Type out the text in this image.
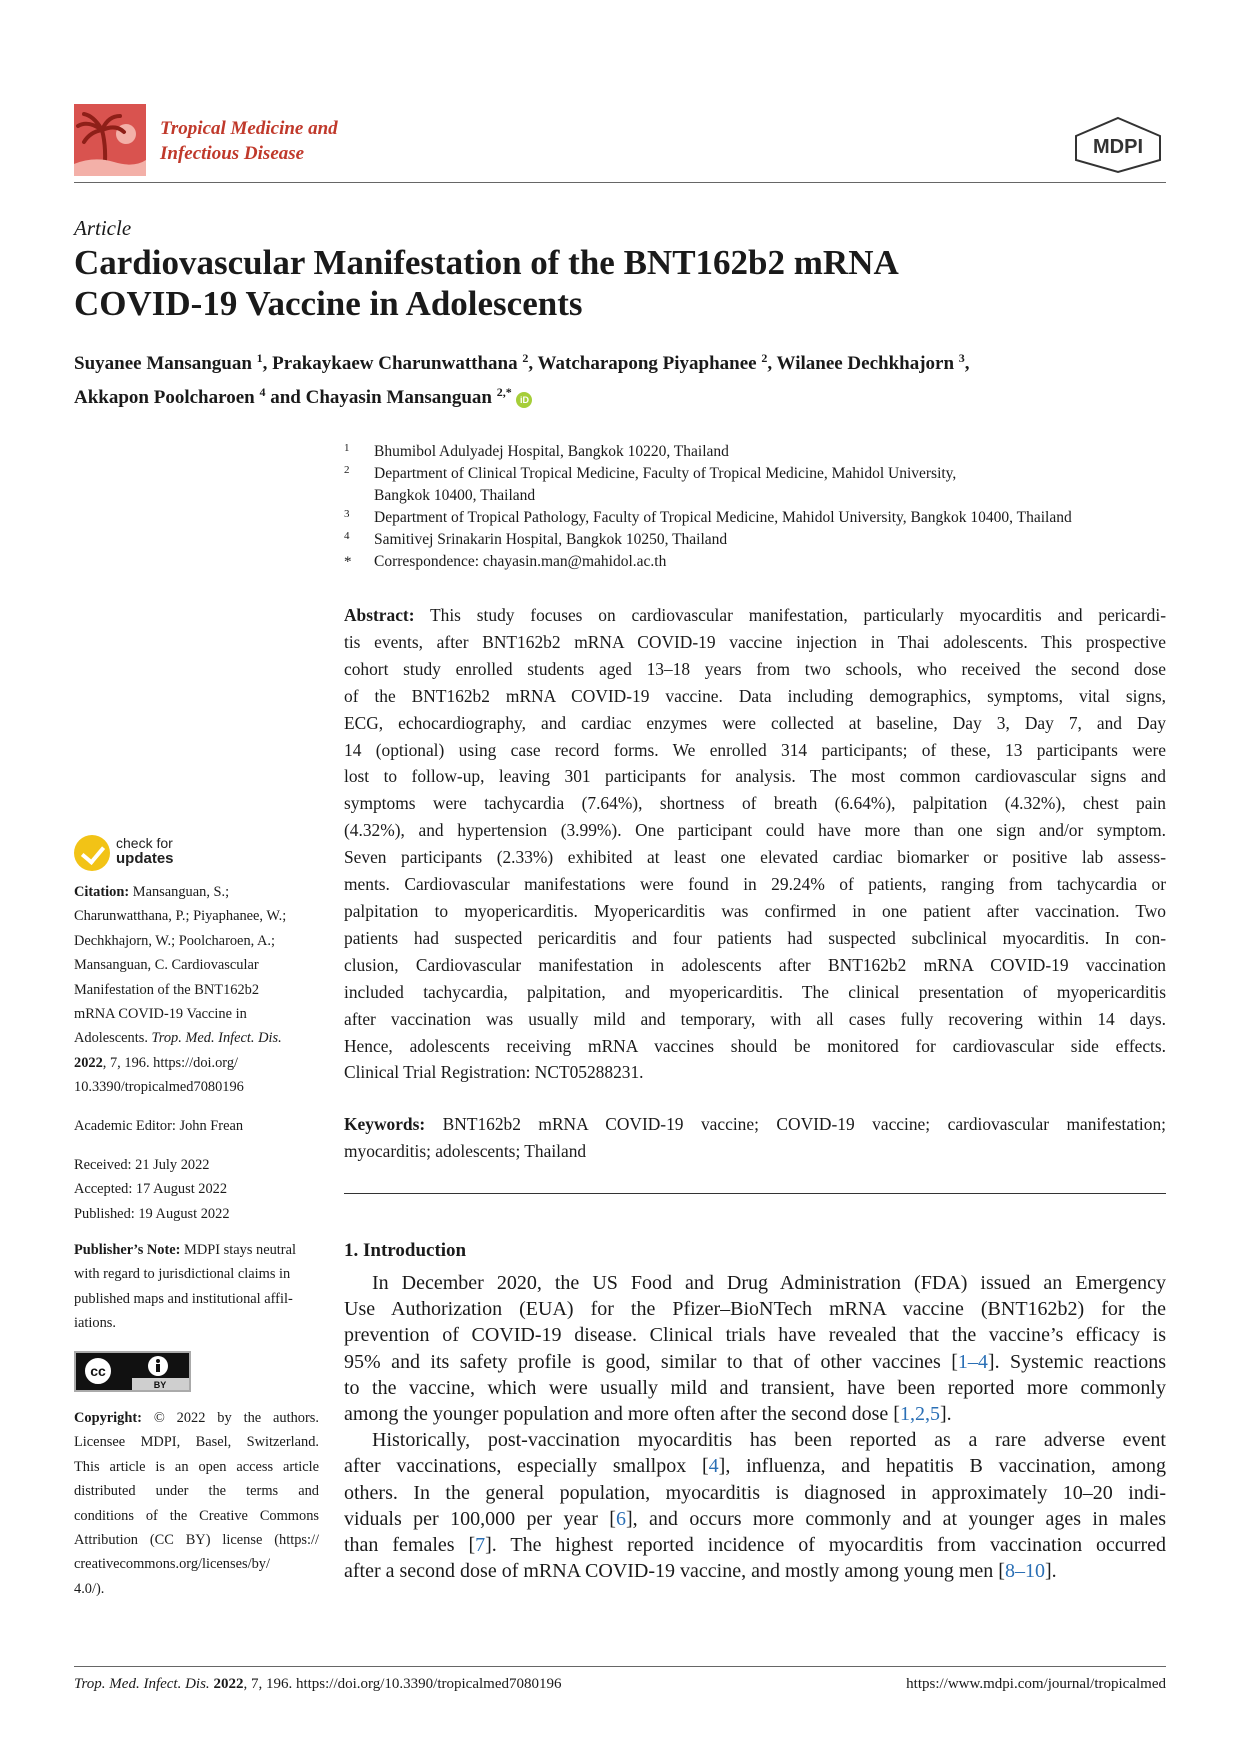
Tropical Medicine and
Infectious Disease	MDPI
Article
Cardiovascular Manifestation of the BNT162b2 mRNA
COVID-19 Vaccine in Adolescents
Suyanee Mansanguan $^1$, Prakaykaew Charunwatthana $^2$, Watcharapong Piyaphanee $^2$, Wilanee Dechkhajorn $^3$,
Akkapon Poolcharoen $^4$ and Chayasin Mansanguan $^{2,*}$ iD
1 Bhumibol Adulyadej Hospital, Bangkok 10220, Thailand
2 Department of Clinical Tropical Medicine, Faculty of Tropical Medicine, Mahidol University,
Bangkok 10400, Thailand
3 Department of Tropical Pathology, Faculty of Tropical Medicine, Mahidol University, Bangkok 10400, Thailand
4 Samitivej Srinakarin Hospital, Bangkok 10250, Thailand
* Correspondence: chayasin.man@mahidol.ac.th
Abstract: This study focuses on cardiovascular manifestation, particularly myocarditis and pericardi-
tis events, after BNT162b2 mRNA COVID-19 vaccine injection in Thai adolescents. This prospective
cohort study enrolled students aged 13–18 years from two schools, who received the second dose
of the BNT162b2 mRNA COVID-19 vaccine. Data including demographics, symptoms, vital signs,
ECG, echocardiography, and cardiac enzymes were collected at baseline, Day 3, Day 7, and Day
14 (optional) using case record forms. We enrolled 314 participants; of these, 13 participants were
lost to follow-up, leaving 301 participants for analysis. The most common cardiovascular signs and
symptoms were tachycardia (7.64%), shortness of breath (6.64%), palpitation (4.32%), chest pain
(4.32%), and hypertension (3.99%). One participant could have more than one sign and/or symptom.
Seven participants (2.33%) exhibited at least one elevated cardiac biomarker or positive lab assess-
ments. Cardiovascular manifestations were found in 29.24% of patients, ranging from tachycardia or
palpitation to myopericarditis. Myopericarditis was confirmed in one patient after vaccination. Two
patients had suspected pericarditis and four patients had suspected subclinical myocarditis. In con-
clusion, Cardiovascular manifestation in adolescents after BNT162b2 mRNA COVID-19 vaccination
included tachycardia, palpitation, and myopericarditis. The clinical presentation of myopericarditis
after vaccination was usually mild and temporary, with all cases fully recovering within 14 days.
Hence, adolescents receiving mRNA vaccines should be monitored for cardiovascular side effects.
Clinical Trial Registration: NCT05288231.
Keywords: BNT162b2 mRNA COVID-19 vaccine; COVID-19 vaccine; cardiovascular manifestation;
myocarditis; adolescents; Thailand
1. Introduction
In December 2020, the US Food and Drug Administration (FDA) issued an Emergency
Use Authorization (EUA) for the Pfizer–BioNTech mRNA vaccine (BNT162b2) for the
prevention of COVID-19 disease. Clinical trials have revealed that the vaccine’s efficacy is
95% and its safety profile is good, similar to that of other vaccines [1–4]. Systemic reactions
to the vaccine, which were usually mild and transient, have been reported more commonly
among the younger population and more often after the second dose [1,2,5].
Historically, post-vaccination myocarditis has been reported as a rare adverse event
after vaccinations, especially smallpox [4], influenza, and hepatitis B vaccination, among
others. In the general population, myocarditis is diagnosed in approximately 10–20 indi-
viduals per 100,000 per year [6], and occurs more commonly and at younger ages in males
than females [7]. The highest reported incidence of myocarditis from vaccination occurred
after a second dose of mRNA COVID-19 vaccine, and mostly among young men [8–10].
check for
updates
Citation: Mansanguan, S.;
Charunwatthana, P.; Piyaphanee, W.;
Dechkhajorn, W.; Poolcharoen, A.;
Mansanguan, C. Cardiovascular
Manifestation of the BNT162b2
mRNA COVID-19 Vaccine in
Adolescents. Trop. Med. Infect. Dis.
2022, 7, 196. https://doi.org/
10.3390/tropicalmed7080196
Academic Editor: John Frean
Received: 21 July 2022
Accepted: 17 August 2022
Published: 19 August 2022
Publisher’s Note: MDPI stays neutral
with regard to jurisdictional claims in
published maps and institutional affil-
iations.
cc
BY
Copyright: © 2022 by the authors.
Licensee MDPI, Basel, Switzerland.
This article is an open access article
distributed under the terms and
conditions of the Creative Commons
Attribution (CC BY) license (https://
creativecommons.org/licenses/by/
4.0/).
Trop. Med. Infect. Dis. 2022, 7, 196. https://doi.org/10.3390/tropicalmed7080196	https://www.mdpi.com/journal/tropicalmed
